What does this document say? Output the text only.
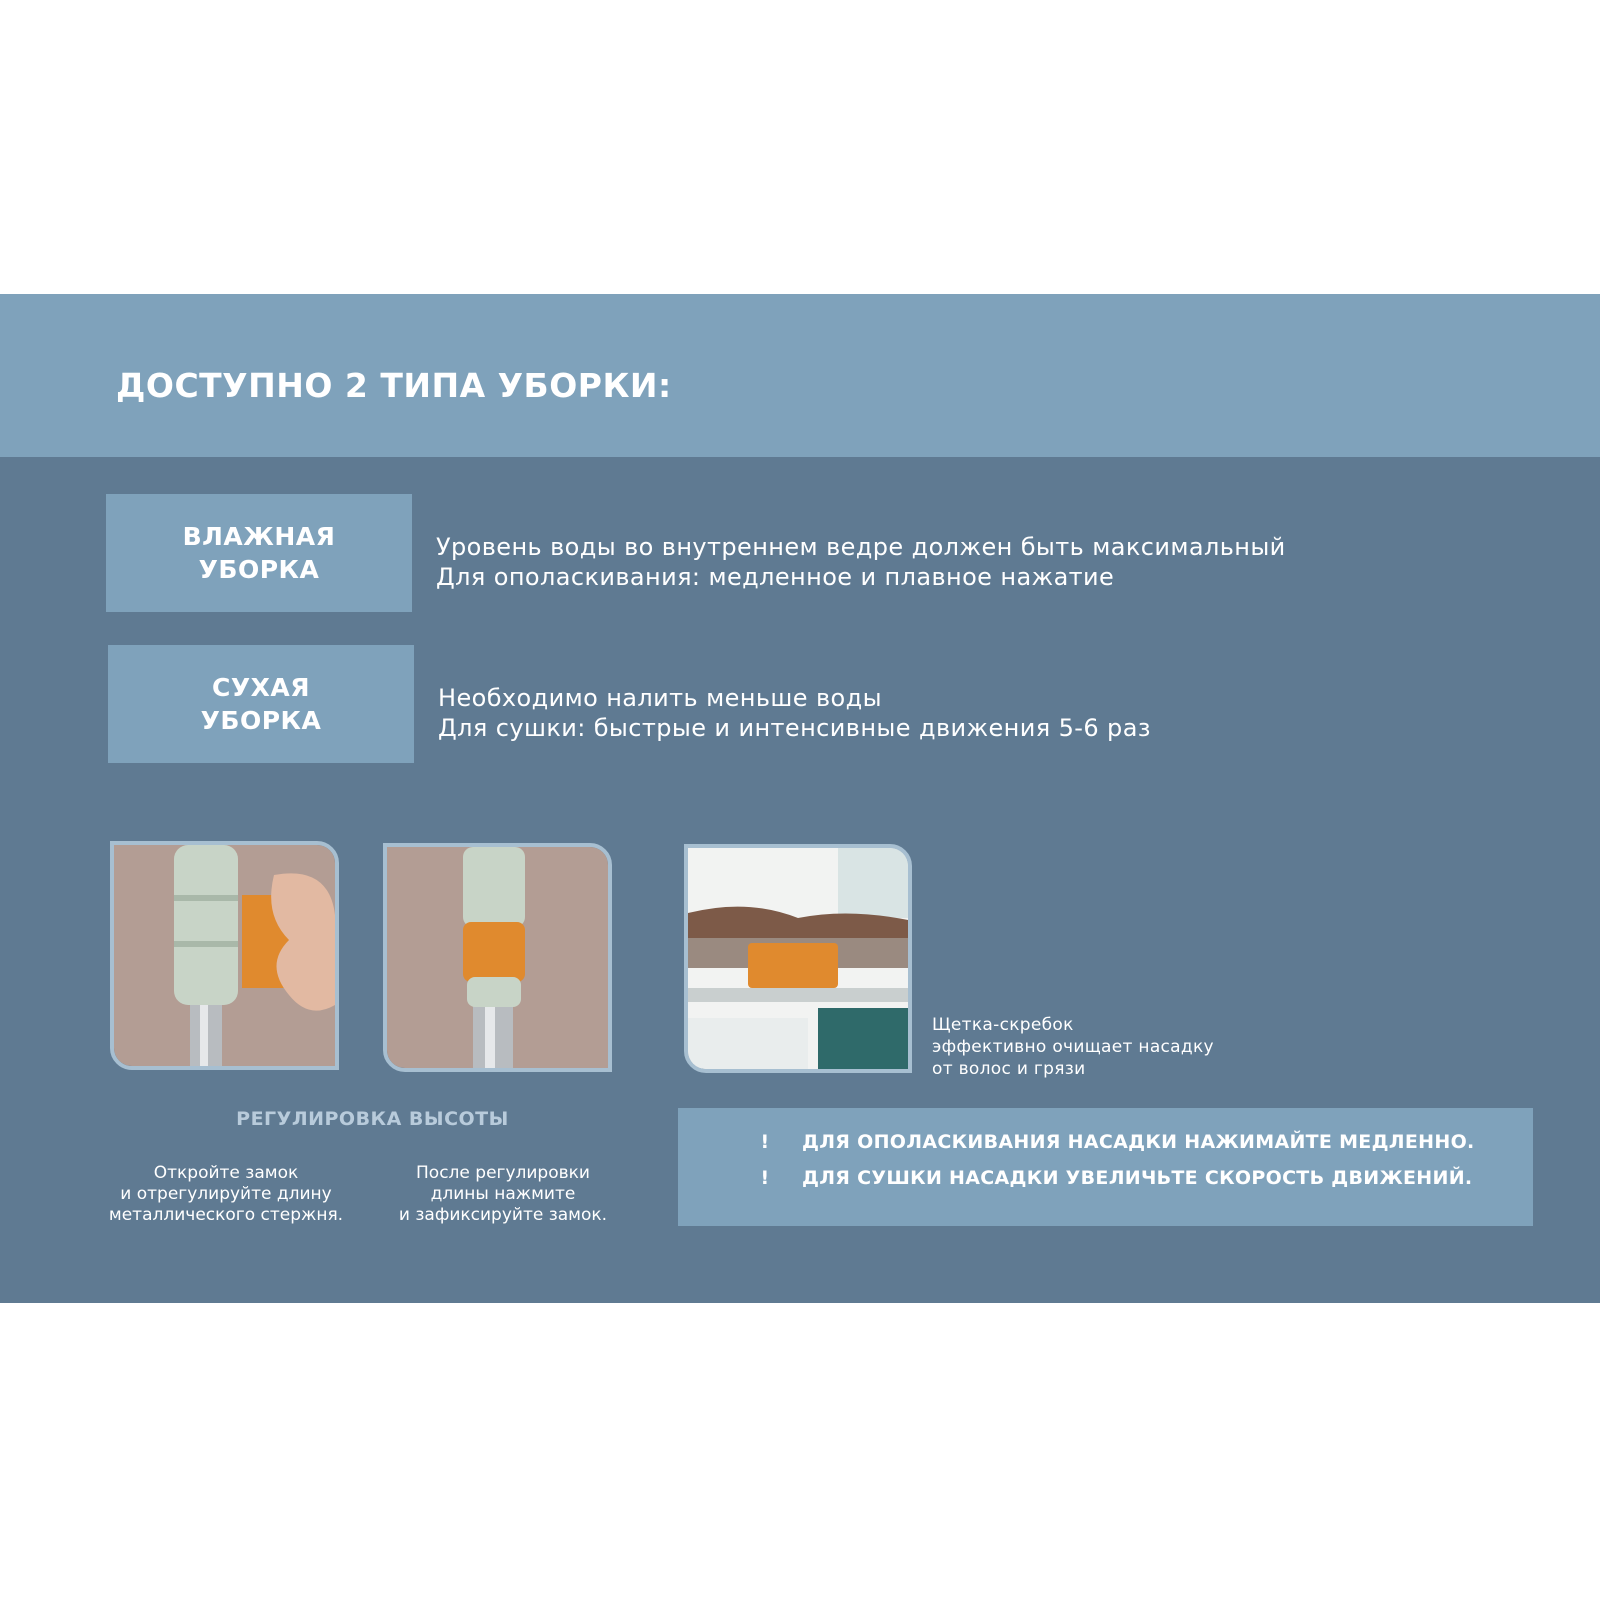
ДОСТУПНО 2 ТИПА УБОРКИ:
ВЛАЖНАЯ
УБОРКА
Уровень воды во внутреннем ведре должен быть максимальный
Для ополаскивания: медленное и плавное нажатие
СУХАЯ
УБОРКА
Необходимо налить меньше воды
Для сушки: быстрые и интенсивные движения 5-6 раз
Щетка-скребок
эффективно очищает насадку
от волос и грязи
РЕГУЛИРОВКА ВЫСОТЫ
Откройте замок
и отрегулируйте длину
металлического стержня.
После регулировки
длины нажмите
и зафиксируйте замок.
!	ДЛЯ ОПОЛАСКИВАНИЯ НАСАДКИ НАЖИМАЙТЕ МЕДЛЕННО.
!	ДЛЯ СУШКИ НАСАДКИ УВЕЛИЧЬТЕ СКОРОСТЬ ДВИЖЕНИЙ.
